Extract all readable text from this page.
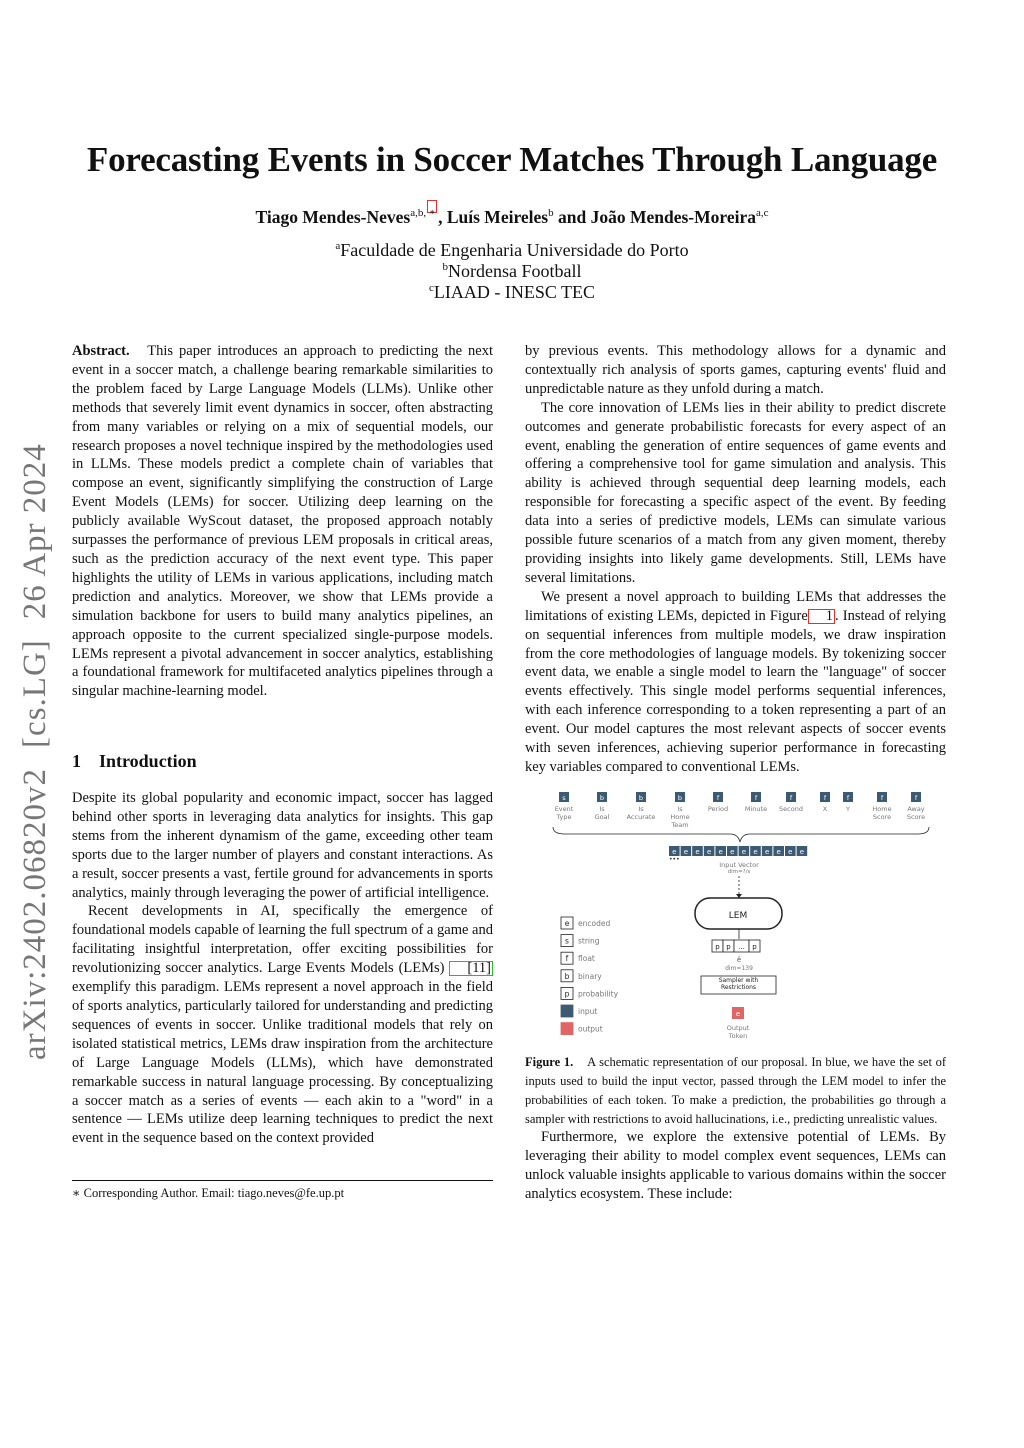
Forecasting Events in Soccer Matches Through Language
Tiago Mendes-Neves$^{a,b,}$ ∗ , Luís Meireles$^b$ and João Mendes-Moreira$^{a,c}$
$^a$Faculdade de Engenharia Universidade do Porto
$^b$Nordensa Football
$^c$LIAAD - INESC TEC
arXiv:2402.06820v2[cs.LG]26 Apr 2024

Abstract. This paper introduces an approach to predicting the next event in a soccer match, a challenge bearing remarkable similarities to the problem faced by Large Language Models (LLMs). Unlike other methods that severely limit event dynamics in soccer, often abstracting from many variables or relying on a mix of sequential models, our research proposes a novel technique inspired by the methodologies used in LLMs. These models predict a complete chain of variables that compose an event, significantly simplifying the construction of Large Event Models (LEMs) for soccer. Utilizing deep learning on the publicly available WyScout dataset, the proposed approach notably surpasses the performance of previous LEM proposals in critical areas, such as the prediction accuracy of the next event type. This paper highlights the utility of LEMs in various applications, including match prediction and analytics. Moreover, we show that LEMs provide a simulation backbone for users to build many analytics pipelines, an approach opposite to the current specialized single-purpose models. LEMs represent a pivotal advancement in soccer analytics, establishing a foundational framework for multifaceted analytics pipelines through a singular machine-learning model.

1 Introduction

Despite its global popularity and economic impact, soccer has lagged behind other sports in leveraging data analytics for insights. This gap stems from the inherent dynamism of the game, exceeding other team sports due to the larger number of players and constant interactions. As a result, soccer presents a vast, fertile ground for advancements in sports analytics, mainly through leveraging the power of artificial intelligence.

Recent developments in AI, specifically the emergence of foundational models capable of learning the full spectrum of a game and facilitating insightful interpretation, offer exciting possibilities for revolutionizing soccer analytics. Large Events Models (LEMs) [11] exemplify this paradigm. LEMs represent a novel approach in the field of sports analytics, particularly tailored for understanding and predicting sequences of events in soccer. Unlike traditional models that rely on isolated statistical metrics, LEMs draw inspiration from the architecture of Large Language Models (LLMs), which have demonstrated remarkable success in natural language processing. By conceptualizing a soccer match as a series of events — each akin to a "word" in a sentence — LEMs utilize deep learning techniques to predict the next event in the sequence based on the context provided

∗ Corresponding Author. Email: tiago.neves@fe.up.pt

by previous events. This methodology allows for a dynamic and contextually rich analysis of sports games, capturing events' fluid and unpredictable nature as they unfold during a match.

The core innovation of LEMs lies in their ability to predict discrete outcomes and generate probabilistic forecasts for every aspect of an event, enabling the generation of entire sequences of game events and offering a comprehensive tool for game simulation and analysis. This ability is achieved through sequential deep learning models, each responsible for forecasting a specific aspect of the event. By feeding data into a series of predictive models, LEMs can simulate various possible future scenarios of a match from any given moment, thereby providing insights into likely game developments. Still, LEMs have several limitations.

We present a novel approach to building LEMs that addresses the limitations of existing LEMs, depicted in Figure 1 . Instead of relying on sequential inferences from multiple models, we draw inspiration from the core methodologies of language models. By tokenizing soccer event data, we enable a single model to learn the "language" of soccer events effectively. This single model performs sequential inferences, with each inference corresponding to a token representing a part of an event. Our model captures the most relevant aspects of soccer events with seven inferences, achieving superior performance in forecasting key variables compared to conventional LEMs.

s
Event
Type
b
Is
Goal
b
Is
Accurate
b
Is
Home
Team
f
Period
f
Minute
f
Second
f
X
f
Y
f
Home
Score
f
Away
Score
e e e e e e e e e e e e
•••
Input Vector
dim=?/s
LEM
p p ... p
ê
dim=139
Sampler with Restrictions
e
Output
Token
e encoded
s string
f float
b binary
p probability
input
output
Figure 1. A schematic representation of our proposal. In blue, we have the set of inputs used to build the input vector, passed through the LEM model to infer the probabilities of each token. To make a prediction, the probabilities go through a sampler with restrictions to avoid hallucinations, i.e., predicting unrealistic values.
Furthermore, we explore the extensive potential of LEMs. By leveraging their ability to model complex event sequences, LEMs can unlock valuable insights applicable to various domains within the soccer analytics ecosystem. These include:
